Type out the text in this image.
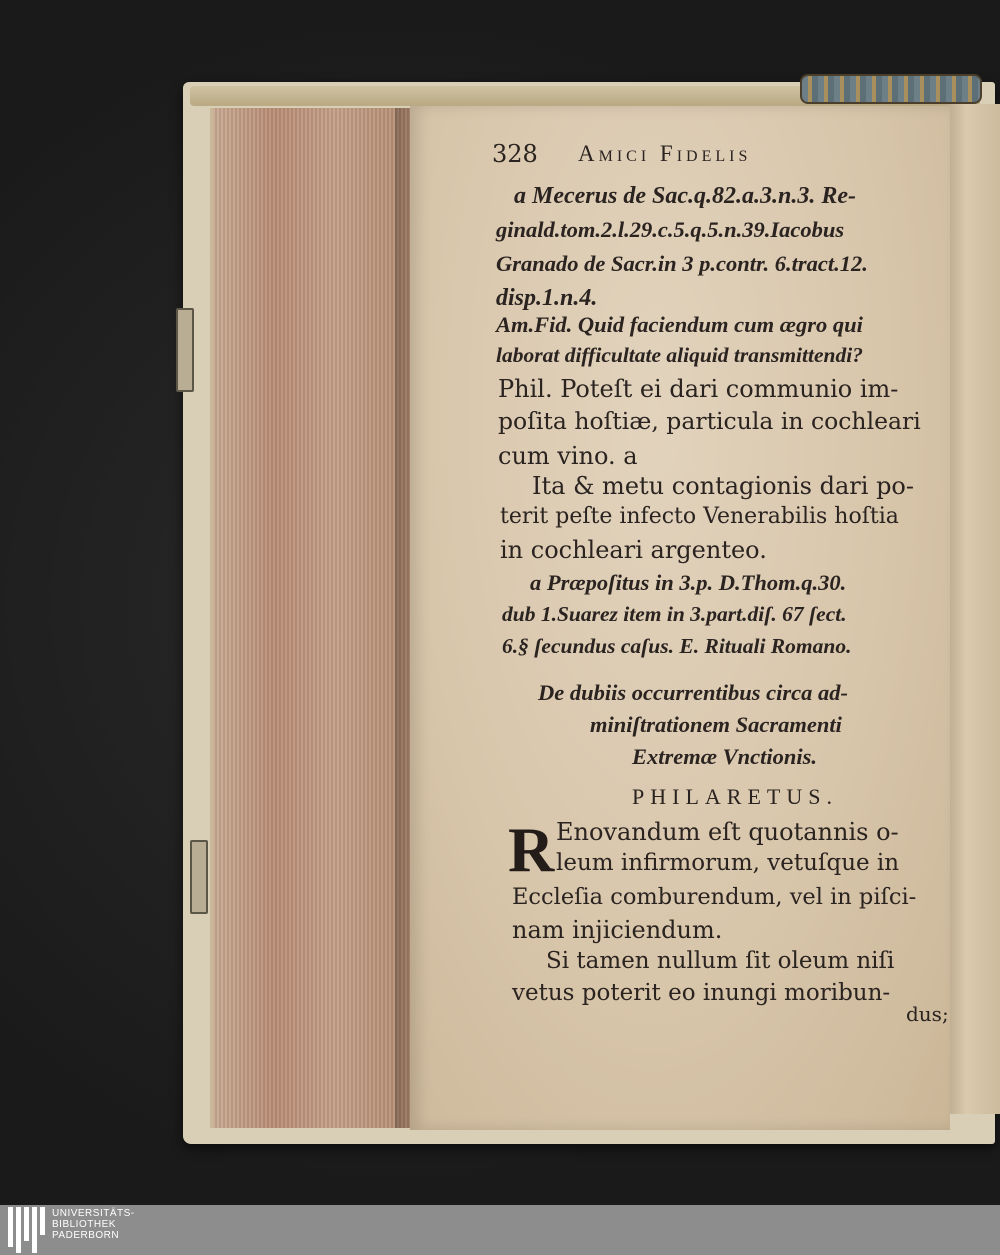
328 Amici Fidelis
a Mecerus de Sac.q.82.a.3.n.3. Re-
ginald.tom.2.l.29.c.5.q.5.n.39.Iacobus
Granado de Sacr.in 3 p.contr. 6.tract.12.
disp.1.n.4.
Am.Fid. Quid faciendum cum ægro qui
laborat difficultate aliquid transmittendi?
Phil. Poteſt ei dari communio im-
poſita hoſtiæ, particula in cochleari
cum vino. a
Ita & metu contagionis dari po-
terit peſte infecto Venerabilis hoſtia
in cochleari argenteo.
a Præpoſitus in 3.p. D.Thom.q.30.
dub 1.Suarez item in 3.part.diſ. 67 ſect.
6.§ ſecundus caſus. E. Rituali Romano.
De dubiis occurrentibus circa ad-
miniſtrationem Sacramenti
Extremæ Vnctionis.
PHILARETUS.
R Enovandum eſt quotannis o-
leum infirmorum, vetuſque in
Eccleſia comburendum, vel in piſci-
nam injiciendum.
Si tamen nullum ſit oleum niſi
vetus poterit eo inungi moribun-
dus;
UNIVERSITÄTS-
BIBLIOTHEK
PADERBORN
